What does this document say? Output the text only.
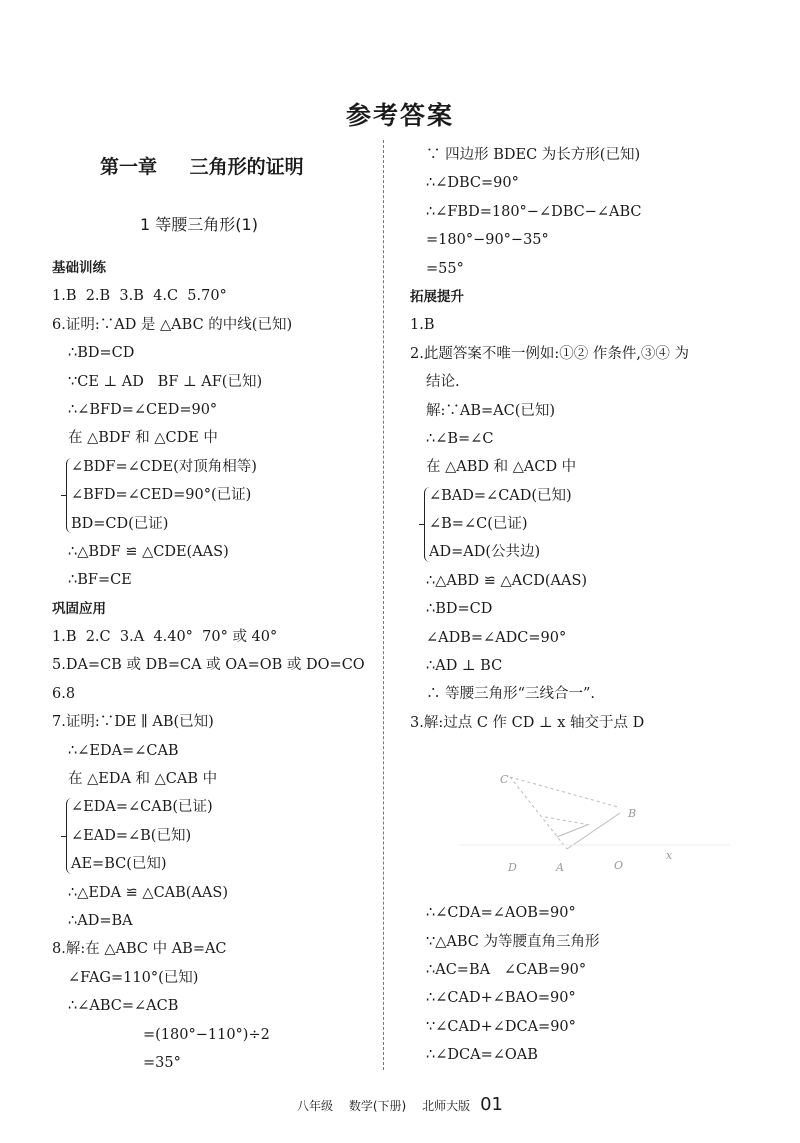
参考答案
第一章 三角形的证明
1 等腰三角形(1)
基础训练
1.B  2.B  3.B  4.C  5.70°
6.证明:∵AD 是 △ABC 的中线(已知)
∴BD=CD
∵CE ⊥ AD   BF ⊥ AF(已知)
∴∠BFD=∠CED=90°
在 △BDF 和 △CDE 中
∠BDF=∠CDE(对顶角相等)
∠BFD=∠CED=90°(已证)
BD=CD(已证)
∴△BDF ≌ △CDE(AAS)
∴BF=CE
巩固应用
1.B  2.C  3.A  4.40°  70° 或 40°
5.DA=CB 或 DB=CA 或 OA=OB 或 DO=CO
6.8
7.证明:∵DE ∥ AB(已知)
∴∠EDA=∠CAB
在 △EDA 和 △CAB 中
∠EDA=∠CAB(已证)
∠EAD=∠B(已知)
AE=BC(已知)
∴△EDA ≌ △CAB(AAS)
∴AD=BA
8.解:在 △ABC 中 AB=AC
∠FAG=110°(已知)
∴∠ABC=∠ACB
=(180°−110°)÷2
=35°
∵ 四边形 BDEC 为长方形(已知)
∴∠DBC=90°
∴∠FBD=180°−∠DBC−∠ABC
=180°−90°−35°
=55°
拓展提升
1.B
2.此题答案不唯一例如:①② 作条件,③④ 为
结论.
解:∵AB=AC(已知)
∴∠B=∠C
在 △ABD 和 △ACD 中
∠BAD=∠CAD(已知)
∠B=∠C(已证)
AD=AD(公共边)
∴△ABD ≌ △ACD(AAS)
∴BD=CD
∠ADB=∠ADC=90°
∴AD ⊥ BC
∴ 等腰三角形“三线合一”.
3.解:过点 C 作 CD ⊥ x 轴交于点 D
C
B
D	A	O
x
∴∠CDA=∠AOB=90°
∵△ABC 为等腰直角三角形
∴AC=BA   ∠CAB=90°
∴∠CAD+∠BAO=90°
∵∠CAD+∠DCA=90°
∴∠DCA=∠OAB
八年级 数学(下册) 北师大版 01
